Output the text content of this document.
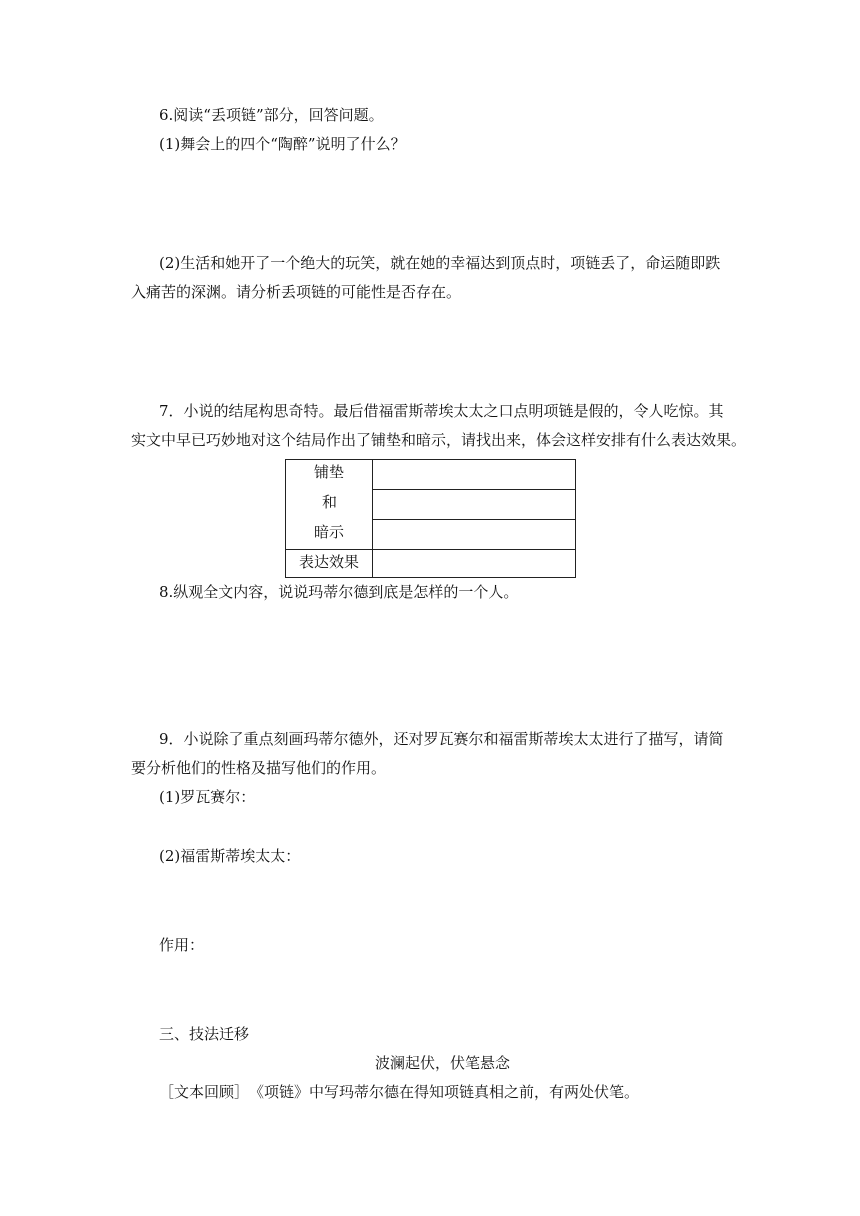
6.阅读“丢项链”部分，回答问题。
(1)舞会上的四个“陶醉”说明了什么？
(2)生活和她开了一个绝大的玩笑，就在她的幸福达到顶点时，项链丢了，命运随即跌
入痛苦的深渊。请分析丢项链的可能性是否存在。
7．小说的结尾构思奇特。最后借福雷斯蒂埃太太之口点明项链是假的，令人吃惊。其
实文中早已巧妙地对这个结局作出了铺垫和暗示，请找出来，体会这样安排有什么表达效果。
铺垫
和
暗示
表达效果
8.纵观全文内容，说说玛蒂尔德到底是怎样的一个人。
9．小说除了重点刻画玛蒂尔德外，还对罗瓦赛尔和福雷斯蒂埃太太进行了描写，请简
要分析他们的性格及描写他们的作用。
(1)罗瓦赛尔：
(2)福雷斯蒂埃太太：
作用：
三、技法迁移
波澜起伏，伏笔悬念
［文本回顾］　《项链》中写玛蒂尔德在得知项链真相之前，有两处伏笔。
